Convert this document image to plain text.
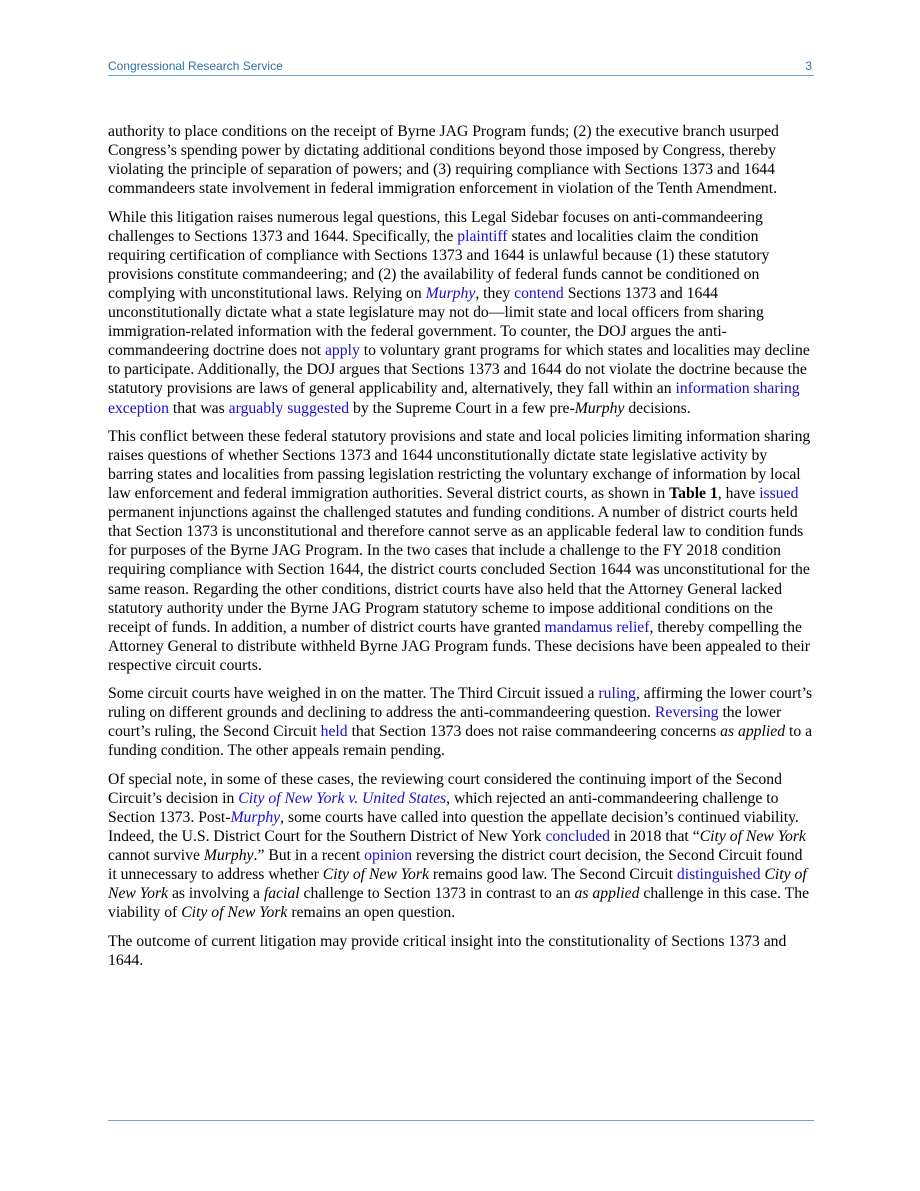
Congressional Research Service	3

authority to place conditions on the receipt of Byrne JAG Program funds; (2) the executive branch usurped Congress’s spending power by dictating additional conditions beyond those imposed by Congress, thereby violating the principle of separation of powers; and (3) requiring compliance with Sections 1373 and 1644 commandeers state involvement in federal immigration enforcement in violation of the Tenth Amendment.

While this litigation raises numerous legal questions, this Legal Sidebar focuses on anti-commandeering challenges to Sections 1373 and 1644. Specifically, the plaintiff states and localities claim the condition requiring certification of compliance with Sections 1373 and 1644 is unlawful because (1) these statutory provisions constitute commandeering; and (2) the availability of federal funds cannot be conditioned on complying with unconstitutional laws. Relying on Murphy, they contend Sections 1373 and 1644 unconstitutionally dictate what a state legislature may not do—limit state and local officers from sharing immigration-related information with the federal government. To counter, the DOJ argues the anti-commandeering doctrine does not apply to voluntary grant programs for which states and localities may decline to participate. Additionally, the DOJ argues that Sections 1373 and 1644 do not violate the doctrine because the statutory provisions are laws of general applicability and, alternatively, they fall within an information sharing exception that was arguably suggested by the Supreme Court in a few pre-Murphy decisions.

This conflict between these federal statutory provisions and state and local policies limiting information sharing raises questions of whether Sections 1373 and 1644 unconstitutionally dictate state legislative activity by barring states and localities from passing legislation restricting the voluntary exchange of information by local law enforcement and federal immigration authorities. Several district courts, as shown in Table 1, have issued permanent injunctions against the challenged statutes and funding conditions. A number of district courts held that Section 1373 is unconstitutional and therefore cannot serve as an applicable federal law to condition funds for purposes of the Byrne JAG Program. In the two cases that include a challenge to the FY 2018 condition requiring compliance with Section 1644, the district courts concluded Section 1644 was unconstitutional for the same reason. Regarding the other conditions, district courts have also held that the Attorney General lacked statutory authority under the Byrne JAG Program statutory scheme to impose additional conditions on the receipt of funds. In addition, a number of district courts have granted mandamus relief, thereby compelling the Attorney General to distribute withheld Byrne JAG Program funds. These decisions have been appealed to their respective circuit courts.

Some circuit courts have weighed in on the matter. The Third Circuit issued a ruling, affirming the lower court’s ruling on different grounds and declining to address the anti-commandeering question. Reversing the lower court’s ruling, the Second Circuit held that Section 1373 does not raise commandeering concerns as applied to a funding condition. The other appeals remain pending.

Of special note, in some of these cases, the reviewing court considered the continuing import of the Second Circuit’s decision in City of New York v. United States, which rejected an anti-commandeering challenge to Section 1373. Post-Murphy, some courts have called into question the appellate decision’s continued viability. Indeed, the U.S. District Court for the Southern District of New York concluded in 2018 that “City of New York cannot survive Murphy.” But in a recent opinion reversing the district court decision, the Second Circuit found it unnecessary to address whether City of New York remains good law. The Second Circuit distinguished City of New York as involving a facial challenge to Section 1373 in contrast to an as applied challenge in this case. The viability of City of New York remains an open question.

The outcome of current litigation may provide critical insight into the constitutionality of Sections 1373 and 1644.
